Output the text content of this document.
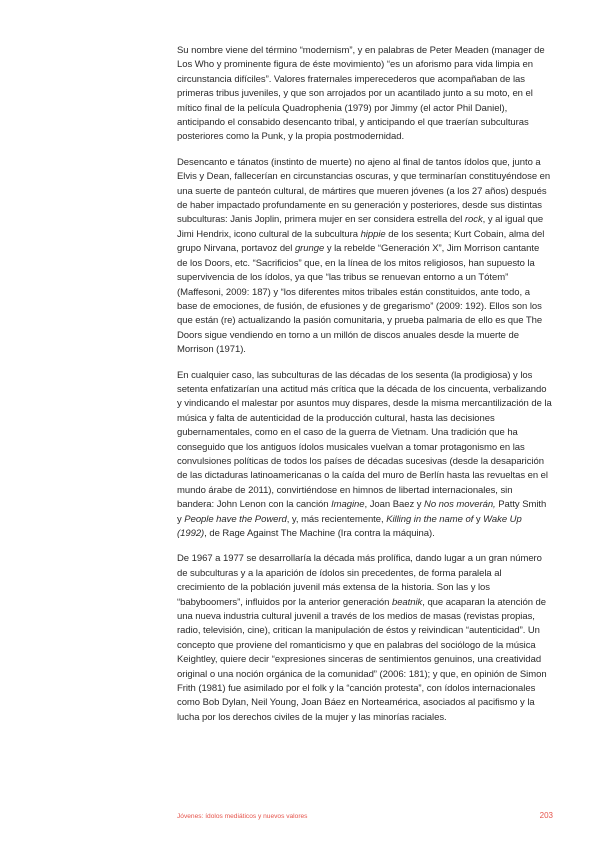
Su nombre viene del término “modernism”, y en palabras de Peter Meaden (manager de Los Who y prominente figura de éste movimiento) “es un aforismo para vida limpia en circunstancia difíciles”. Valores fraternales imperecederos que acompañaban de las primeras tribus juveniles, y que son arrojados por un acantilado junto a su moto, en el mítico final de la película Quadrophenia (1979) por Jimmy (el actor Phil Daniel), anticipando el consabido desencanto tribal, y anticipando el que traerían subculturas posteriores como la Punk, y la propia postmodernidad.

Desencanto e tánatos (instinto de muerte) no ajeno al final de tantos ídolos que, junto a Elvis y Dean, fallecerían en circunstancias oscuras, y que terminarían constituyéndose en una suerte de panteón cultural, de mártires que mueren jóvenes (a los 27 años) después de haber impactado profundamente en su generación y posteriores, desde sus distintas subculturas: Janis Joplin, primera mujer en ser considera estrella del rock, y al igual que Jimi Hendrix, icono cultural de la subcultura hippie de los sesenta; Kurt Cobain, alma del grupo Nirvana, portavoz del grunge y la rebelde “Generación X”, Jim Morrison cantante de los Doors, etc. “Sacrificios” que, en la línea de los mitos religiosos, han supuesto la supervivencia de los ídolos, ya que “las tribus se renuevan entorno a un Tótem” (Maffesoni, 2009: 187) y “los diferentes mitos tribales están constituidos, ante todo, a base de emociones, de fusión, de efusiones y de gregarismo” (2009: 192). Ellos son los que están (re) actualizando la pasión comunitaria, y prueba palmaria de ello es que The Doors sigue vendiendo en torno a un millón de discos anuales desde la muerte de Morrison (1971).

En cualquier caso, las subculturas de las décadas de los sesenta (la prodigiosa) y los setenta enfatizarían una actitud más crítica que la década de los cincuenta, verbalizando y vindicando el malestar por asuntos muy dispares, desde la misma mercantilización de la música y falta de autenticidad de la producción cultural, hasta las decisiones gubernamentales, como en el caso de la guerra de Vietnam. Una tradición que ha conseguido que los antiguos ídolos musicales vuelvan a tomar protagonismo en las convulsiones políticas de todos los países de décadas sucesivas (desde la desaparición de las dictaduras latinoamericanas o la caída del muro de Berlín hasta las revueltas en el mundo árabe de 2011), convirtiéndose en himnos de libertad internacionales, sin bandera: John Lenon con la canción Imagine, Joan Baez y No nos moverán, Patty Smith y People have the Powerd, y, más recientemente, Killing in the name of y Wake Up (1992), de Rage Against The Machine (Ira contra la máquina).

De 1967 a 1977 se desarrollaría la década más prolífica, dando lugar a un gran número de subculturas y a la aparición de ídolos sin precedentes, de forma paralela al crecimiento de la población juvenil más extensa de la historia. Son las y los “babyboomers”, influidos por la anterior generación beatnik, que acaparan la atención de una nueva industria cultural juvenil a través de los medios de masas (revistas propias, radio, televisión, cine), critican la manipulación de éstos y reivindican “autenticidad”. Un concepto que proviene del romanticismo y que en palabras del sociólogo de la música Keightley, quiere decir “expresiones sinceras de sentimientos genuinos, una creatividad original o una noción orgánica de la comunidad” (2006: 181); y que, en opinión de Simon Frith (1981) fue asimilado por el folk y la “canción protesta”, con ídolos internacionales como Bob Dylan, Neil Young, Joan Báez en Norteamérica, asociados al pacifismo y la lucha por los derechos civiles de la mujer y las minorías raciales.

Jóvenes: ídolos mediáticos y nuevos valores	203
